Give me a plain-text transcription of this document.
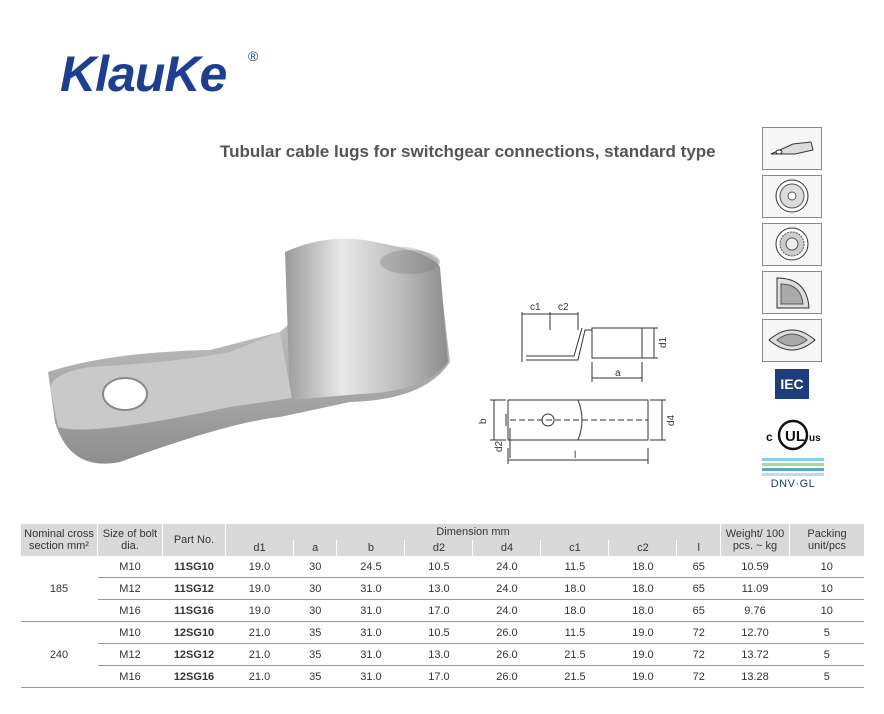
KlauKe ®
Tubular cable lugs for switchgear connections, standard type
c1 c2
d1
a
b
d2
d4
l
IEC
UL
c	us
DNV·GL
Nominal cross section mm²	Size of bolt dia.	Part No.	Dimension mm								Weight/ 100 pcs. ~ kg	Packing unit/pcs
			d1	a	b	d2	d4	c1	c2	l		
185	M10	11SG10	19.0	30	24.5	10.5	24.0	11.5	18.0	65	10.59	10
	M12	11SG12	19.0	30	31.0	13.0	24.0	18.0	18.0	65	11.09	10
	M16	11SG16	19.0	30	31.0	17.0	24.0	18.0	18.0	65	9.76	10
240	M10	12SG10	21.0	35	31.0	10.5	26.0	11.5	19.0	72	12.70	5
	M12	12SG12	21.0	35	31.0	13.0	26.0	21.5	19.0	72	13.72	5
	M16	12SG16	21.0	35	31.0	17.0	26.0	21.5	19.0	72	13.28	5
